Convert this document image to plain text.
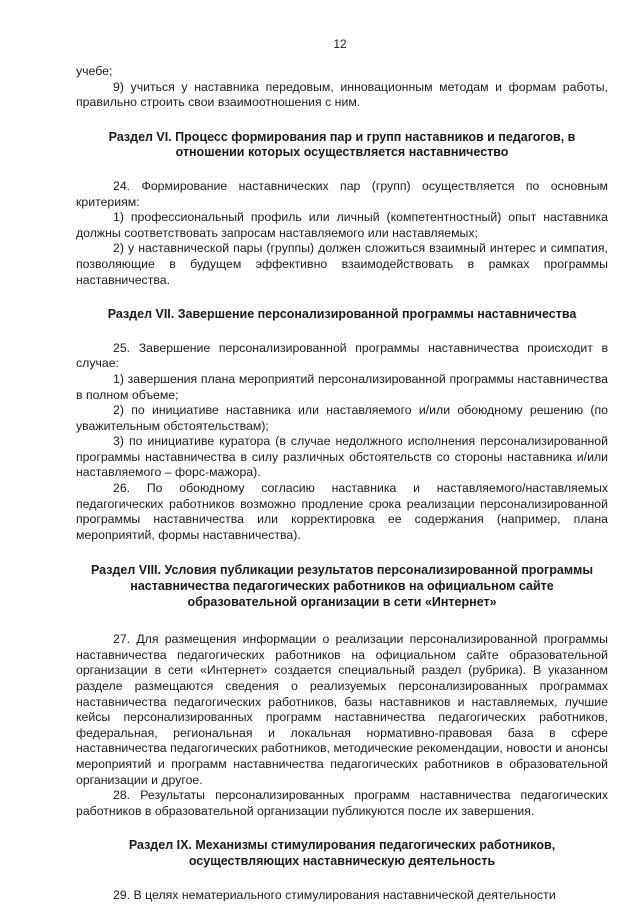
12

учебе;

9) учиться у наставника передовым, инновационным методам и формам работы, правильно строить свои взаимоотношения с ним.

Раздел VI. Процесс формирования пар и групп наставников и педагогов, в отношении которых осуществляется наставничество

24. Формирование наставнических пар (групп) осуществляется по основным критериям:

1) профессиональный профиль или личный (компетентностный) опыт наставника должны соответствовать запросам наставляемого или наставляемых;

2) у наставнической пары (группы) должен сложиться взаимный интерес и симпатия, позволяющие в будущем эффективно взаимодействовать в рамках программы наставничества.

Раздел VII. Завершение персонализированной программы наставничества

25. Завершение персонализированной программы наставничества происходит в случае:

1) завершения плана мероприятий персонализированной программы наставничества в полном объеме;

2) по инициативе наставника или наставляемого и/или обоюдному решению (по уважительным обстоятельствам);

3) по инициативе куратора (в случае недолжного исполнения персонализированной программы наставничества в силу различных обстоятельств со стороны наставника и/или наставляемого – форс-мажора).

26. По обоюдному согласию наставника и наставляемого/наставляемых педагогических работников возможно продление срока реализации персонализированной программы наставничества или корректировка ее содержания (например, плана мероприятий, формы наставничества).

Раздел VIII. Условия публикации результатов персонализированной программы наставничества педагогических работников на официальном сайте образовательной организации в сети «Интернет»

27. Для размещения информации о реализации персонализированной программы наставничества педагогических работников на официальном сайте образовательной организации в сети «Интернет» создается специальный раздел (рубрика). В указанном разделе размещаются сведения о реализуемых персонализированных программах наставничества педагогических работников, базы наставников и наставляемых, лучшие кейсы персонализированных программ наставничества педагогических работников, федеральная, региональная и локальная нормативно-правовая база в сфере наставничества педагогических работников, методические рекомендации, новости и анонсы мероприятий и программ наставничества педагогических работников в образовательной организации и другое.

28. Результаты персонализированных программ наставничества педагогических работников в образовательной организации публикуются после их завершения.

Раздел IX. Механизмы стимулирования педагогических работников, осуществляющих наставническую деятельность

29. В целях нематериального стимулирования наставнической деятельности
